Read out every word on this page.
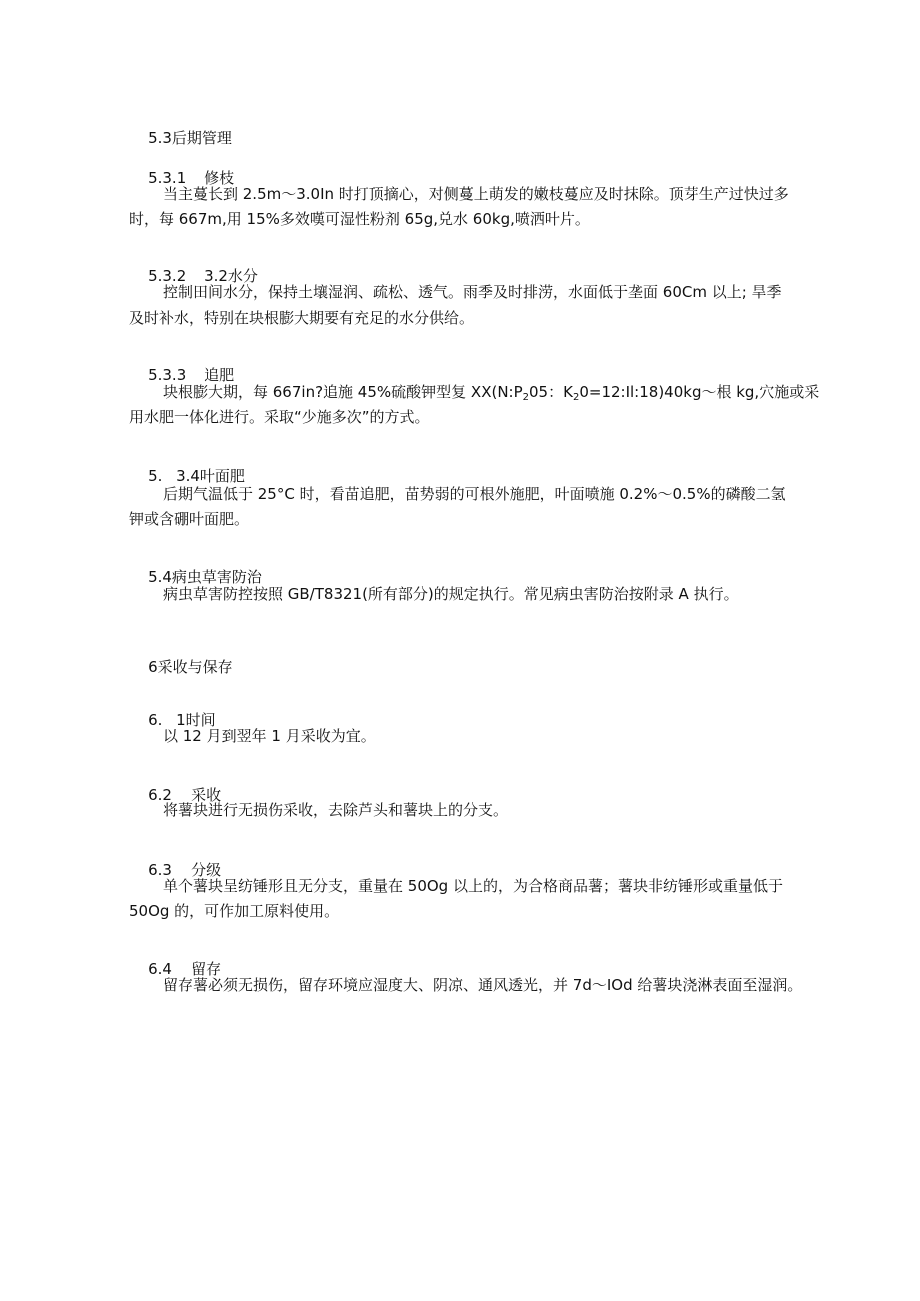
5.3后期管理

5.3.1 修枝

当主蔓长到 2.5m～3.0In 时打顶摘心，对侧蔓上萌发的嫩枝蔓应及时抹除。顶芽生产过快过多
时，每 667m,用 15%多效嘆可湿性粉剂 65g,兑水 60kg,喷洒叶片。

5.3.2 3.2水分

控制田间水分，保持土壤湿润、疏松、透气。雨季及时排涝，水面低于垄面 60Cm 以上; 旱季
及时补水，特别在块根膨大期要有充足的水分供给。

5.3.3 追肥

块根膨大期，每 667in?追施 45%硫酸钾型复 $XX(N:P_205$：$K_20=12:Il:18)40kg\sim$根 kg,穴施或采
用水肥一体化进行。采取“少施多次”的方式。

5. 3.4叶面肥

后期气温低于 25°C 时，看苗追肥，苗势弱的可根外施肥，叶面喷施 0.2%～0.5%的磷酸二氢
钾或含硼叶面肥。

5.4病虫草害防治

病虫草害防控按照 GB/T8321(所有部分)的规定执行。常见病虫害防治按附录 A 执行。

6采收与保存

6. 1时间

以 12 月到翌年 1 月采收为宜。

6.2 采收

将薯块进行无损伤采收，去除芦头和薯块上的分支。

6.3 分级

单个薯块呈纺锤形且无分支，重量在 50Og 以上的，为合格商品薯；薯块非纺锤形或重量低于
50Og 的，可作加工原料使用。

6.4 留存

留存薯必须无损伤，留存环境应湿度大、阴凉、通风透光，并 7d～IOd 给薯块浇淋表面至湿润。
